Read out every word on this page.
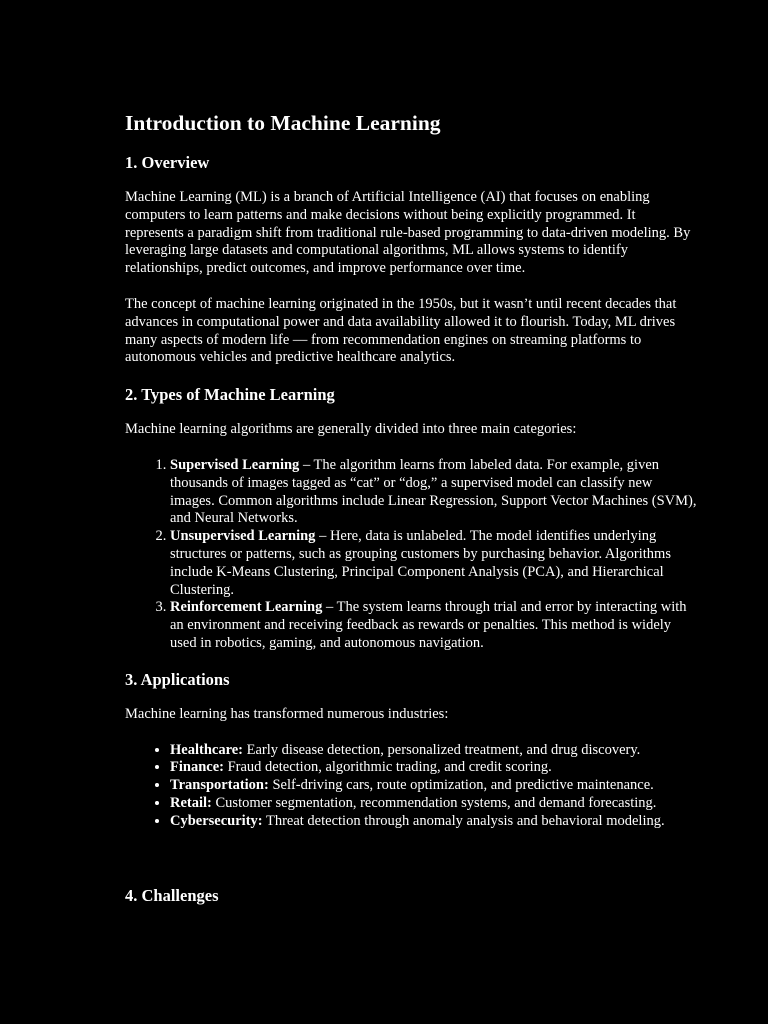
Introduction to Machine Learning
1. Overview

Machine Learning (ML) is a branch of Artificial Intelligence (AI) that focuses on enabling computers to learn patterns and make decisions without being explicitly programmed. It represents a paradigm shift from traditional rule-based programming to data-driven modeling. By leveraging large datasets and computational algorithms, ML allows systems to identify relationships, predict outcomes, and improve performance over time.

The concept of machine learning originated in the 1950s, but it wasn’t until recent decades that advances in computational power and data availability allowed it to flourish. Today, ML drives many aspects of modern life — from recommendation engines on streaming platforms to autonomous vehicles and predictive healthcare analytics.

2. Types of Machine Learning

Machine learning algorithms are generally divided into three main categories:

1. Supervised Learning – The algorithm learns from labeled data. For example, given thousands of images tagged as “cat” or “dog,” a supervised model can classify new images. Common algorithms include Linear Regression, Support Vector Machines (SVM), and Neural Networks.
2. Unsupervised Learning – Here, data is unlabeled. The model identifies underlying structures or patterns, such as grouping customers by purchasing behavior. Algorithms include K-Means Clustering, Principal Component Analysis (PCA), and Hierarchical Clustering.
3. Reinforcement Learning – The system learns through trial and error by interacting with an environment and receiving feedback as rewards or penalties. This method is widely used in robotics, gaming, and autonomous navigation.
3. Applications

Machine learning has transformed numerous industries:

• Healthcare: Early disease detection, personalized treatment, and drug discovery.
• Finance: Fraud detection, algorithmic trading, and credit scoring.
• Transportation: Self-driving cars, route optimization, and predictive maintenance.
• Retail: Customer segmentation, recommendation systems, and demand forecasting.
• Cybersecurity: Threat detection through anomaly analysis and behavioral modeling.
4. Challenges
